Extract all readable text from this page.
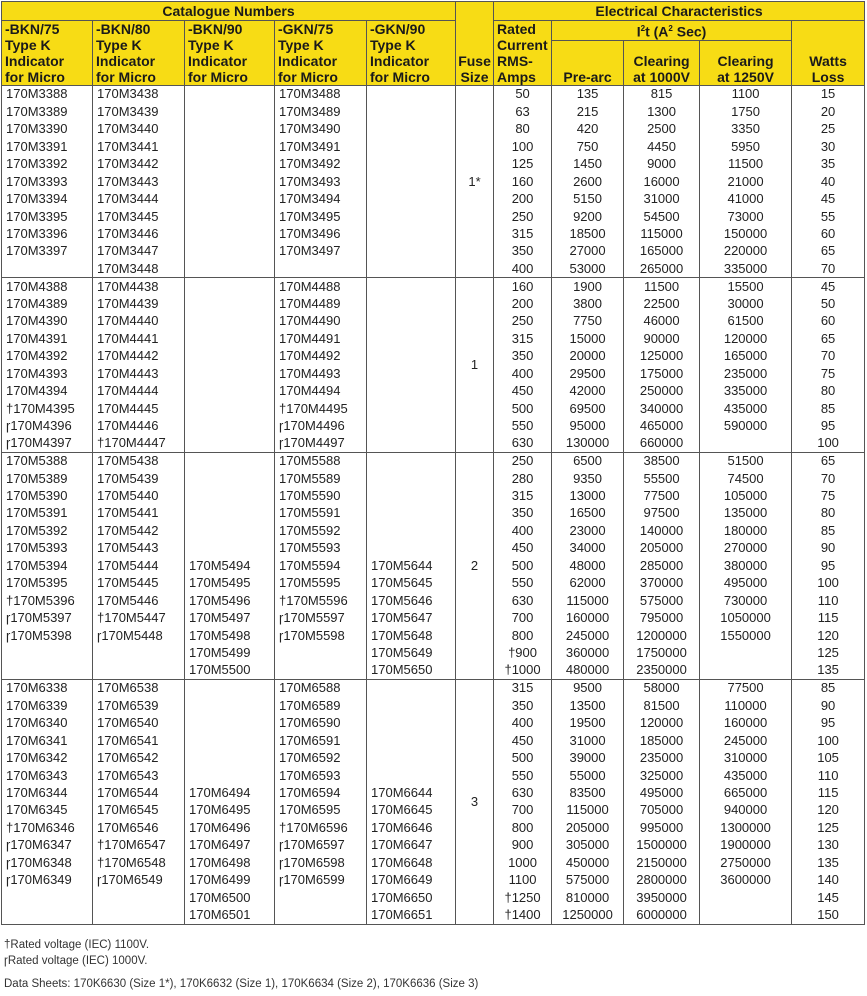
Catalogue Numbers					Fuse
Size	Electrical Characteristics				
-BKN/75
Type K
Indicator
for Micro	-BKN/80
Type K
Indicator
for Micro	-BKN/90
Type K
Indicator
for Micro	-GKN/75
Type K
Indicator
for Micro	-GKN/90
Type K
Indicator
for Micro		Rated
Current
RMS-
Amps	$I^2t$ ($A^2$ Sec)			Watts
Loss
							Pre-arc	Clearing
at 1000V	Clearing
at 1250V	
170M3388	170M3438		170M3488		1*	50	135	815	1100	15
170M3389	170M3439		170M3489			63	215	1300	1750	20
170M3390	170M3440		170M3490			80	420	2500	3350	25
170M3391	170M3441		170M3491			100	750	4450	5950	30
170M3392	170M3442		170M3492			125	1450	9000	11500	35
170M3393	170M3443		170M3493			160	2600	16000	21000	40
170M3394	170M3444		170M3494			200	5150	31000	41000	45
170M3395	170M3445		170M3495			250	9200	54500	73000	55
170M3396	170M3446		170M3496			315	18500	115000	150000	60
170M3397	170M3447		170M3497			350	27000	165000	220000	65
	170M3448					400	53000	265000	335000	70
170M4388	170M4438		170M4488		1	160	1900	11500	15500	45
170M4389	170M4439		170M4489			200	3800	22500	30000	50
170M4390	170M4440		170M4490			250	7750	46000	61500	60
170M4391	170M4441		170M4491			315	15000	90000	120000	65
170M4392	170M4442		170M4492			350	20000	125000	165000	70
170M4393	170M4443		170M4493			400	29500	175000	235000	75
170M4394	170M4444		170M4494			450	42000	250000	335000	80
†170M4395	170M4445		†170M4495			500	69500	340000	435000	85
ɼ170M4396	170M4446		ɼ170M4496			550	95000	465000	590000	95
ɼ170M4397	†170M4447		ɼ170M4497			630	130000	660000		100
170M5388	170M5438		170M5588		2	250	6500	38500	51500	65
170M5389	170M5439		170M5589			280	9350	55500	74500	70
170M5390	170M5440		170M5590			315	13000	77500	105000	75
170M5391	170M5441		170M5591			350	16500	97500	135000	80
170M5392	170M5442		170M5592			400	23000	140000	180000	85
170M5393	170M5443		170M5593			450	34000	205000	270000	90
170M5394	170M5444	170M5494	170M5594	170M5644		500	48000	285000	380000	95
170M5395	170M5445	170M5495	170M5595	170M5645		550	62000	370000	495000	100
†170M5396	170M5446	170M5496	†170M5596	170M5646		630	115000	575000	730000	110
ɼ170M5397	†170M5447	170M5497	ɼ170M5597	170M5647		700	160000	795000	1050000	115
ɼ170M5398	ɼ170M5448	170M5498	ɼ170M5598	170M5648		800	245000	1200000	1550000	120
		170M5499		170M5649		†900	360000	1750000		125
		170M5500		170M5650		†1000	480000	2350000		135
170M6338	170M6538		170M6588		3	315	9500	58000	77500	85
170M6339	170M6539		170M6589			350	13500	81500	110000	90
170M6340	170M6540		170M6590			400	19500	120000	160000	95
170M6341	170M6541		170M6591			450	31000	185000	245000	100
170M6342	170M6542		170M6592			500	39000	235000	310000	105
170M6343	170M6543		170M6593			550	55000	325000	435000	110
170M6344	170M6544	170M6494	170M6594	170M6644		630	83500	495000	665000	115
170M6345	170M6545	170M6495	170M6595	170M6645		700	115000	705000	940000	120
†170M6346	170M6546	170M6496	†170M6596	170M6646		800	205000	995000	1300000	125
ɼ170M6347	†170M6547	170M6497	ɼ170M6597	170M6647		900	305000	1500000	1900000	130
ɼ170M6348	†170M6548	170M6498	ɼ170M6598	170M6648		1000	450000	2150000	2750000	135
ɼ170M6349	ɼ170M6549	170M6499	ɼ170M6599	170M6649		1100	575000	2800000	3600000	140
		170M6500		170M6650		†1250	810000	3950000		145
		170M6501		170M6651		†1400	1250000	6000000		150
†Rated voltage (IEC) 1100V.
ɼRated voltage (IEC) 1000V.
Data Sheets: 170K6630 (Size 1*), 170K6632 (Size 1), 170K6634 (Size 2), 170K6636 (Size 3)
